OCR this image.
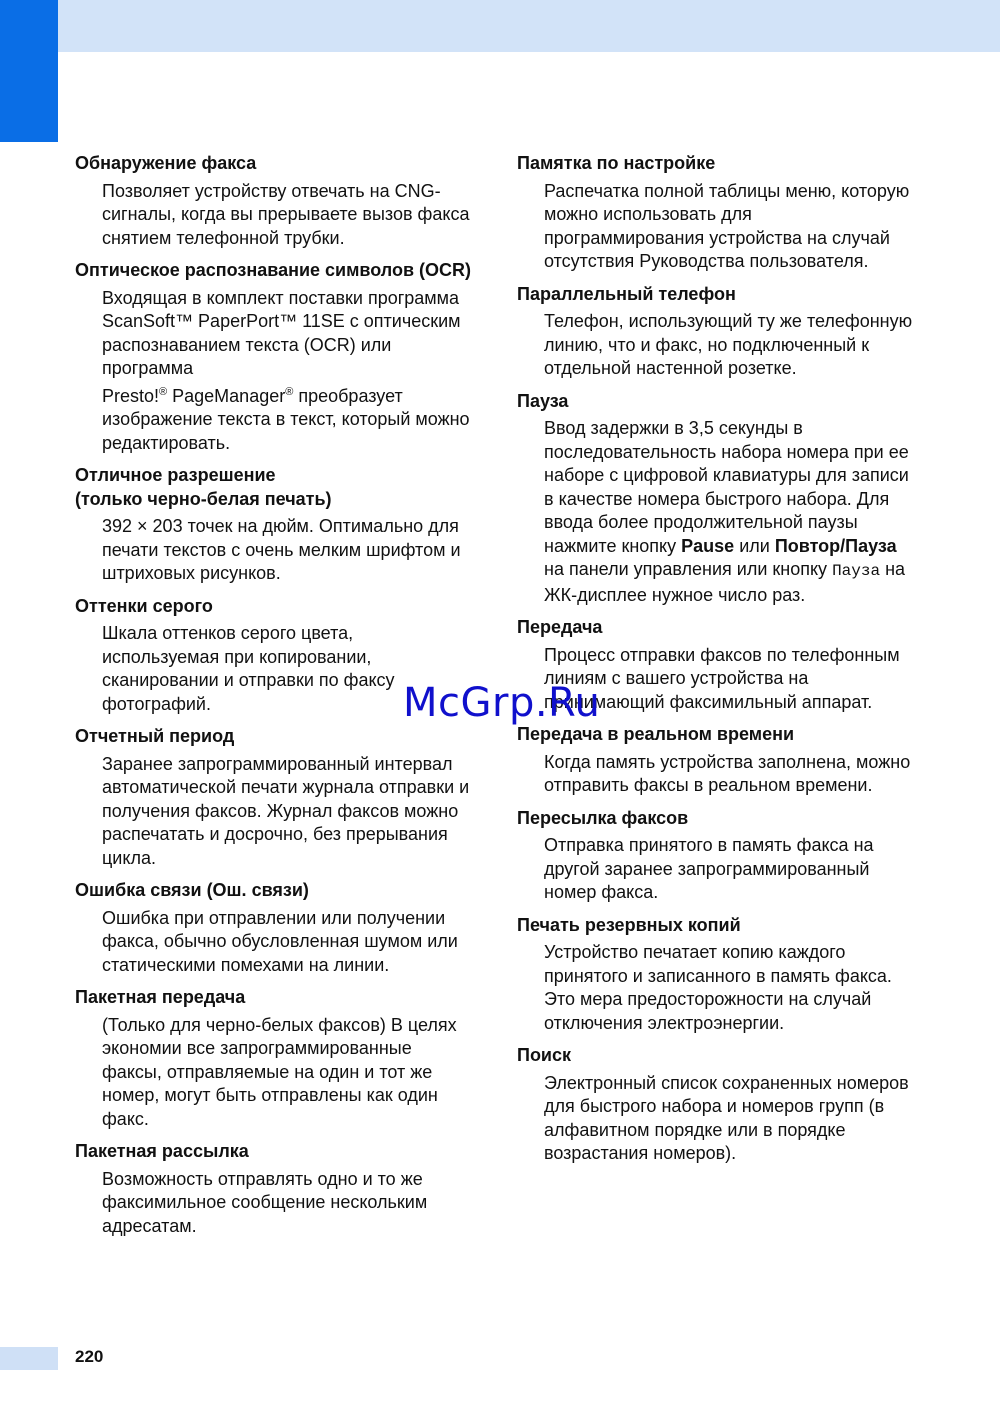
Обнаружение факса

Позволяет устройству отвечать на CNG-сигналы, когда вы прерываете вызов факса снятием телефонной трубки.

Оптическое распознавание символов (OCR)

Входящая в комплект поставки программа ScanSoft™ PaperPort™ 11SE с оптическим распознаванием текста (OCR) или программа

Presto!® PageManager® преобразует изображение текста в текст, который можно редактировать.

Отличное разрешение
(только черно-белая печать)

392 × 203 точек на дюйм. Оптимально для печати текстов с очень мелким шрифтом и штриховых рисунков.

Оттенки серого

Шкала оттенков серого цвета, используемая при копировании, сканировании и отправки по факсу фотографий.

Отчетный период

Заранее запрограммированный интервал автоматической печати журнала отправки и получения факсов. Журнал факсов можно распечатать и досрочно, без прерывания цикла.

Ошибка связи (Ош. связи)

Ошибка при отправлении или получении факса, обычно обусловленная шумом или статическими помехами на линии.

Пакетная передача

(Только для черно-белых факсов) В целях экономии все запрограммированные факсы, отправляемые на один и тот же номер, могут быть отправлены как один факс.

Пакетная рассылка

Возможность отправлять одно и то же факсимильное сообщение нескольким адресатам.

Памятка по настройке

Распечатка полной таблицы меню, которую можно использовать для программирования устройства на случай отсутствия Руководства пользователя.

Параллельный телефон

Телефон, использующий ту же телефонную линию, что и факс, но подключенный к отдельной настенной розетке.

Пауза

Ввод задержки в 3,5 секунды в последовательность набора номера при ее наборе с цифровой клавиатуры для записи в качестве номера быстрого набора. Для ввода более продолжительной паузы нажмите кнопку Pause или Повтор/Пауза на панели управления или кнопку Пауза на ЖК-дисплее нужное число раз.

Передача

Процесс отправки факсов по телефонным линиям с вашего устройства на принимающий факсимильный аппарат.

Передача в реальном времени

Когда память устройства заполнена, можно отправить факсы в реальном времени.

Пересылка факсов

Отправка принятого в память факса на другой заранее запрограммированный номер факса.

Печать резервных копий

Устройство печатает копию каждого принятого и записанного в память факса. Это мера предосторожности на случай отключения электроэнергии.

Поиск

Электронный список сохраненных номеров для быстрого набора и номеров групп (в алфавитном порядке или в порядке возрастания номеров).

McGrp.Ru
220
